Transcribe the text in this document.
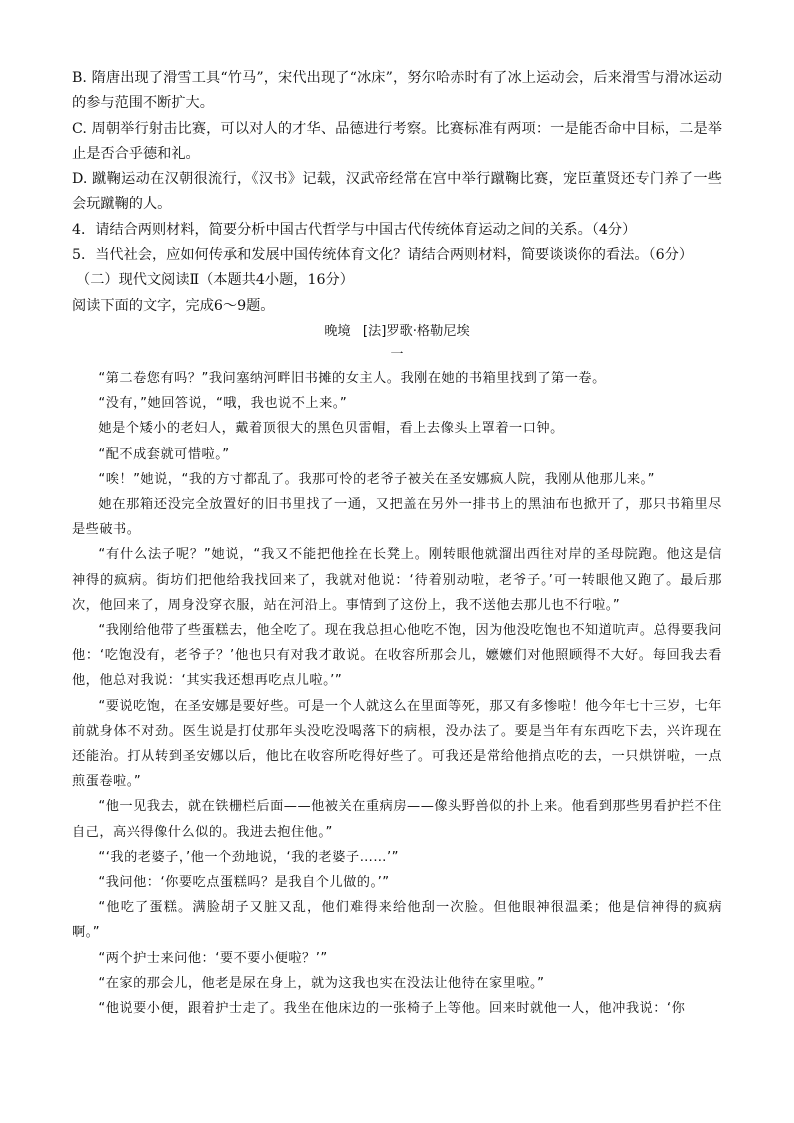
B. 隋唐出现了滑雪工具“竹马”，宋代出现了“冰床”，努尔哈赤时有了冰上运动会，后来滑雪与滑冰运动的参与范围不断扩大。

C. 周朝举行射击比赛，可以对人的才华、品德进行考察。比赛标准有两项：一是能否命中目标，二是举止是否合乎德和礼。

D. 蹴鞠运动在汉朝很流行，《汉书》记载，汉武帝经常在宫中举行蹴鞠比赛，宠臣董贤还专门养了一些会玩蹴鞠的人。

4．请结合两则材料，简要分析中国古代哲学与中国古代传统体育运动之间的关系。（4分）

5．当代社会，应如何传承和发展中国传统体育文化？请结合两则材料，简要谈谈你的看法。（6分）

（二）现代文阅读Ⅱ（本题共4小题，16分）

阅读下面的文字，完成6～9题。

晚境 [法]罗歌·格勒尼埃

一

“第二卷您有吗？”我问塞纳河畔旧书摊的女主人。我刚在她的书箱里找到了第一卷。

“没有，”她回答说，“哦，我也说不上来。”

她是个矮小的老妇人，戴着顶很大的黑色贝雷帽，看上去像头上罩着一口钟。

“配不成套就可惜啦。”

“唉！”她说，“我的方寸都乱了。我那可怜的老爷子被关在圣安娜疯人院，我刚从他那儿来。”

她在那箱还没完全放置好的旧书里找了一通，又把盖在另外一排书上的黑油布也掀开了，那只书箱里尽是些破书。

“有什么法子呢？”她说，“我又不能把他拴在长凳上。刚转眼他就溜出西往对岸的圣母院跑。他这是信神得的疯病。街坊们把他给我找回来了，我就对他说：‘待着别动啦，老爷子。’可一转眼他又跑了。最后那次，他回来了，周身没穿衣服，站在河沿上。事情到了这份上，我不送他去那儿也不行啦。”

“我刚给他带了些蛋糕去，他全吃了。现在我总担心他吃不饱，因为他没吃饱也不知道吭声。总得要我问他：‘吃饱没有，老爷子？’他也只有对我才敢说。在收容所那会儿，嬷嬷们对他照顾得不大好。每回我去看他，他总对我说：‘其实我还想再吃点儿啦。’”

“要说吃饱，在圣安娜是要好些。可是一个人就这么在里面等死，那又有多惨啦！他今年七十三岁，七年前就身体不对劲。医生说是打仗那年头没吃没喝落下的病根，没办法了。要是当年有东西吃下去，兴许现在还能治。打从转到圣安娜以后，他比在收容所吃得好些了。可我还是常给他捎点吃的去，一只烘饼啦，一点煎蛋卷啦。”

“他一见我去，就在铁栅栏后面——他被关在重病房——像头野兽似的扑上来。他看到那些男看护拦不住自己，高兴得像什么似的。我进去抱住他。”

“‘我的老婆子，’他一个劲地说，‘我的老婆子……’”

“我问他：‘你要吃点蛋糕吗？是我自个儿做的。’”

“他吃了蛋糕。满脸胡子又脏又乱，他们难得来给他刮一次脸。但他眼神很温柔；他是信神得的疯病啊。”

“两个护士来问他：‘要不要小便啦？’”

“在家的那会儿，他老是尿在身上，就为这我也实在没法让他待在家里啦。”

“他说要小便，跟着护士走了。我坐在他床边的一张椅子上等他。回来时就他一人，他冲我说：‘你
